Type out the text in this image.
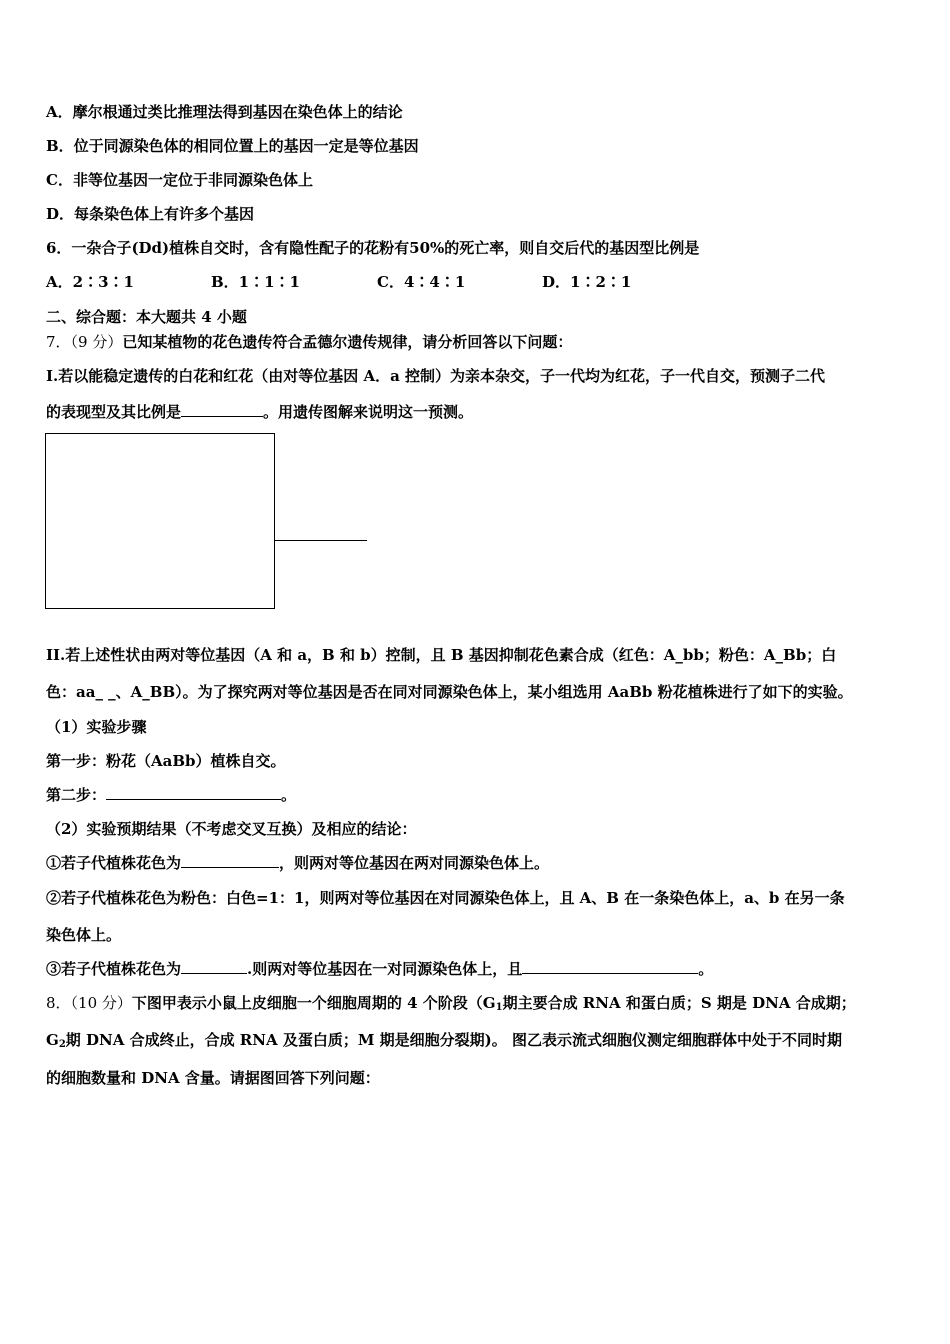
A．摩尔根通过类比推理法得到基因在染色体上的结论
B．位于同源染色体的相同位置上的基因一定是等位基因
C．非等位基因一定位于非同源染色体上
D．每条染色体上有许多个基因
6．一杂合子(Dd)植株自交时，含有隐性配子的花粉有50%的死亡率，则自交后代的基因型比例是
A．2∶3∶1	B．1∶1∶1	C．4∶4∶1	D．1∶2∶1
二、综合题：本大题共 4 小题
7．（9 分）已知某植物的花色遗传符合孟德尔遗传规律，请分析回答以下问题：
I.若以能稳定遗传的白花和红花（由对等位基因 A．a 控制）为亲本杂交，子一代均为红花，子一代自交，预测子二代
的表现型及其比例是	。用遗传图解来说明这一预测。
II.若上述性状由两对等位基因（A 和 a，B 和 b）控制，且 B 基因抑制花色素合成（红色：A_bb；粉色：A_Bb；白
色：aa_ _、A_BB）。为了探究两对等位基因是否在同对同源染色体上，某小组选用 AaBb 粉花植株进行了如下的实验。
（1）实验步骤
第一步：粉花（AaBb）植株自交。
第二步：	。
（2）实验预期结果（不考虑交叉互换）及相应的结论：
①若子代植株花色为	，则两对等位基因在两对同源染色体上。
②若子代植株花色为粉色：白色=1：1，则两对等位基因在对同源染色体上，且 A、B 在一条染色体上，a、b 在另一条
染色体上。
③若子代植株花色为	.则两对等位基因在一对同源染色体上，且	。
8．（10 分）下图甲表示小鼠上皮细胞一个细胞周期的 4 个阶段（$G_1$期主要合成 RNA 和蛋白质；S 期是 DNA 合成期；
$G_2$期 DNA 合成终止，合成 RNA 及蛋白质；M 期是细胞分裂期)。 图乙表示流式细胞仪测定细胞群体中处于不同时期
的细胞数量和 DNA 含量。请据图回答下列问题：
